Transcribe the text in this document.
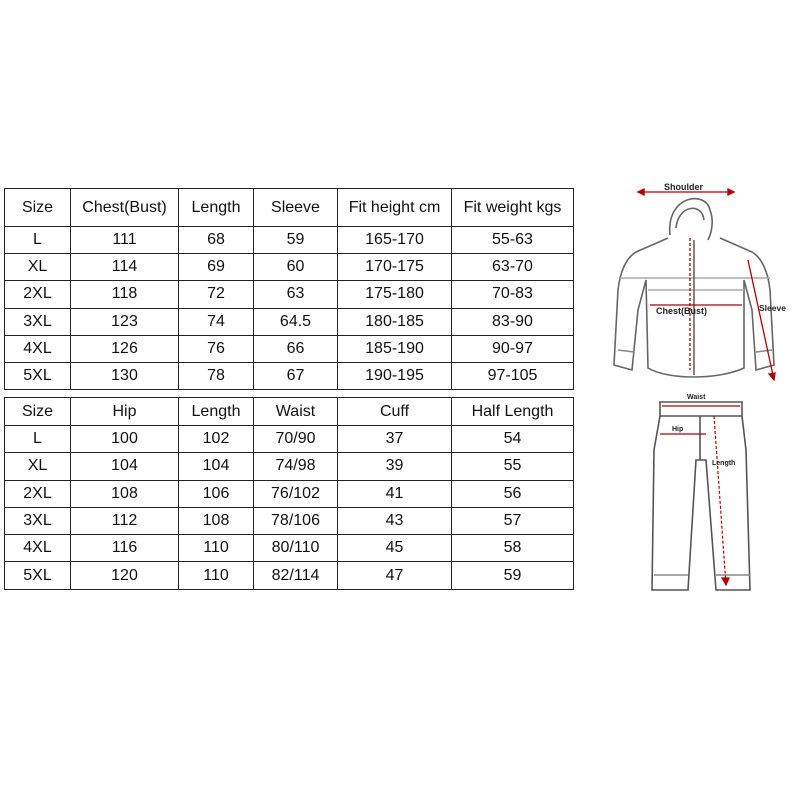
Size	Chest(Bust)	Length	Sleeve	Fit height cm	Fit weight kgs
L	111	68	59	165-170	55-63
XL	114	69	60	170-175	63-70
2XL	118	72	63	175-180	70-83
3XL	123	74	64.5	180-185	83-90
4XL	126	76	66	185-190	90-97
5XL	130	78	67	190-195	97-105
Size	Hip	Length	Waist	Cuff	Half Length
L	100	102	70/90	37	54
XL	104	104	74/98	39	55
2XL	108	106	76/102	41	56
3XL	112	108	78/106	43	57
4XL	116	110	80/110	45	58
5XL	120	110	82/114	47	59
Shoulder
Chest(Bust)	Sleeve
Waist
Hip
Length
